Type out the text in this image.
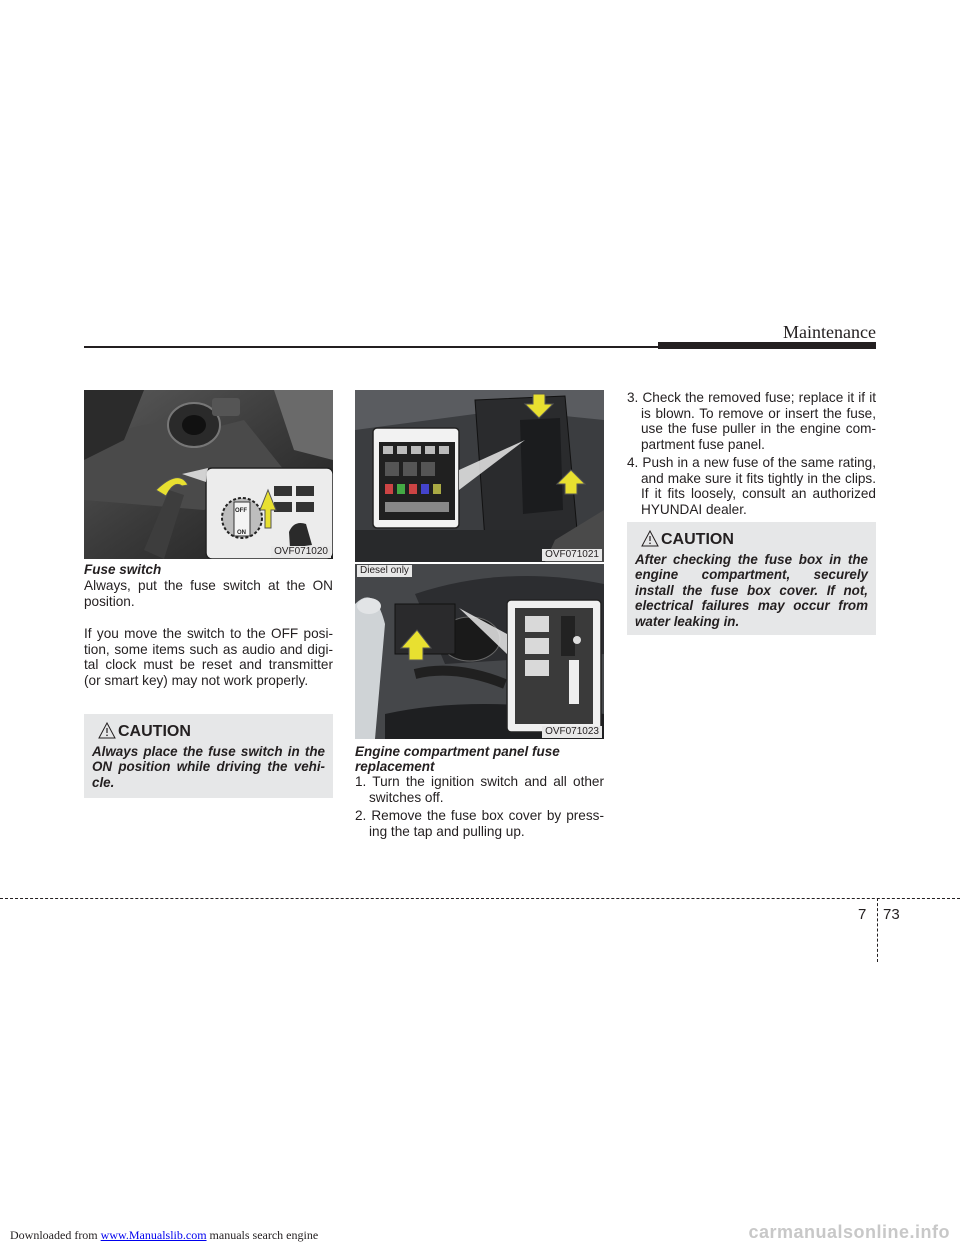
Maintenance
OFF
ON
OVF071020
Fuse switch
Always, put the fuse switch at the ON
position.
If you move the switch to the OFF posi-
tion, some items such as audio and digi-
tal clock must be reset and transmitter
(or smart key) may not work properly.
CAUTION
Always place the fuse switch in the
ON position while driving the vehi-
cle.
OVF071021
Diesel only
OVF071023
Engine compartment panel fuse
replacement
1. Turn the ignition switch and all other
switches off.
2. Remove the fuse box cover by press-
ing the tap and pulling up.
3. Check the removed fuse; replace it if it
is blown. To remove or insert the fuse,
use the fuse puller in the engine com-
partment fuse panel.
4. Push in a new fuse of the same rating,
and make sure it fits tightly in the clips.
If it fits loosely, consult an authorized
HYUNDAI dealer.
CAUTION
After checking the fuse box in the
engine compartment, securely
install the fuse box cover. If not,
electrical failures may occur from
water leaking in.
7 73
Downloaded from www.Manualslib.com manuals search engine	carmanualsonline.info
